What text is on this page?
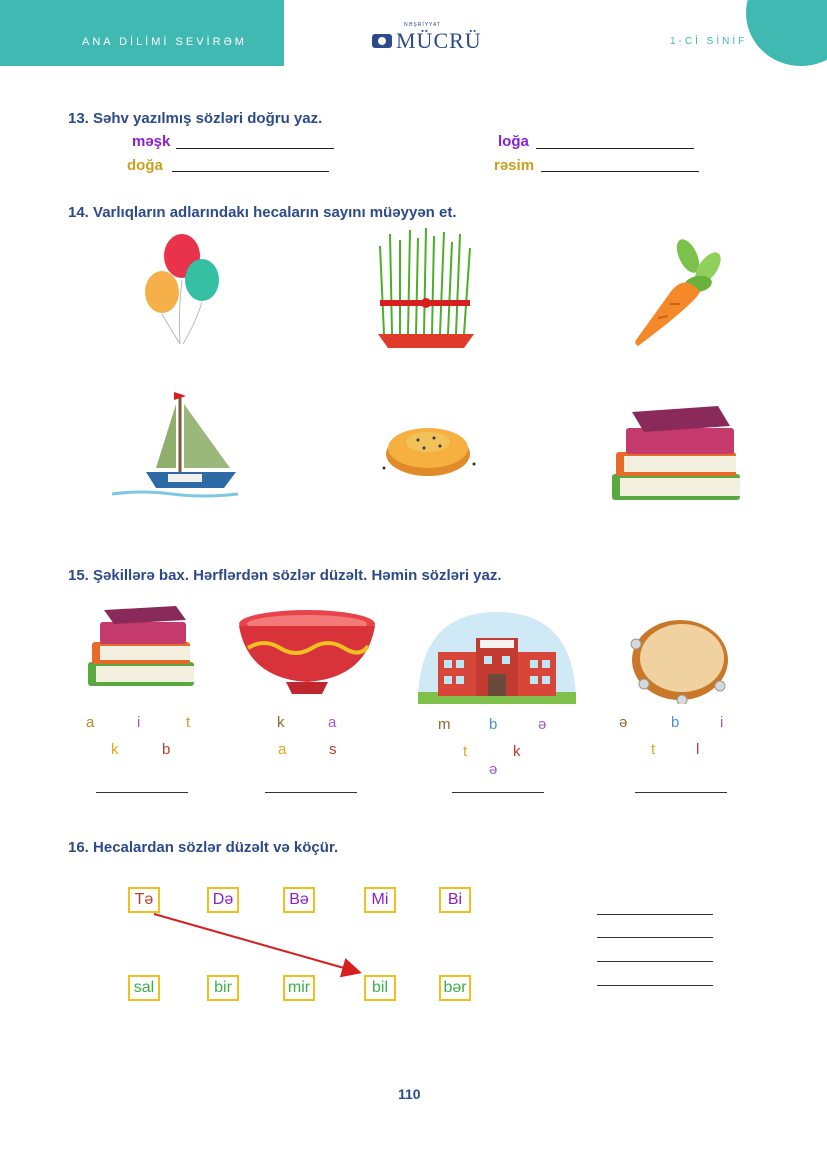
ANA DİLİMİ SEVİRƏM	MÜCRÜ
NƏŞRİYYAT
1-Cİ SİNİF
13. Səhv yazılmış sözləri doğru yaz.
məşk	loğa
doğa	rəsim
14. Varlıqların adlarındakı hecaların sayını müəyyən et.
15. Şəkillərə bax. Hərflərdən sözlər düzəlt. Həmin sözləri yaz.
a	i	t
k	b
k	a
a	s
m	b	ə
t	k
ə
ə	b	i
t	l
16. Hecalardan sözlər düzəlt və köçür.
Tə	Də	Bə	Mi	Bi
sal	bir	mir	bil	bər
110
